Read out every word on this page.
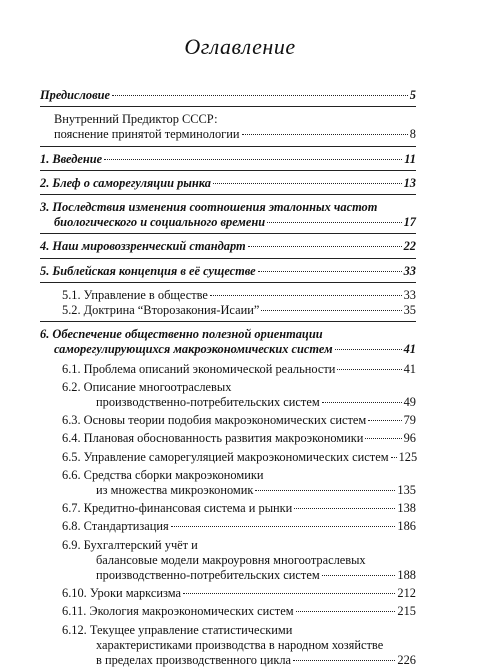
Оглавление
Предисловие	5
Внутренний Предиктор СССР:
пояснение принятой терминологии	8
1. Введение	11
2. Блеф о саморегуляции рынка	13
3. Последствия изменения соотношения эталонных частот
биологического и социального времени	17
4. Наш мировоззренческий стандарт	22
5. Библейская концепция в её существе	33
5.1. Управление в обществе	33
5.2. Доктрина “Второзакония-Исаии”	35
6. Обеспечение общественно полезной ориентации
саморегулирующихся макроэкономических систем	41
6.1. Проблема описаний экономической реальности	41
6.2. Описание многоотраслевых
производственно-потребительских систем	49
6.3. Основы теории подобия макроэкономических систем	79
6.4. Плановая обоснованность развития макроэкономики	96
6.5. Управление саморегуляцией макроэкономических систем 125
6.6. Средства сборки макроэкономики
из множества микроэкономик	135
6.7. Кредитно-финансовая система и рынки	138
6.8. Стандартизация	186
6.9. Бухгалтерский учёт и
балансовые модели макроуровня многоотраслевых
производственно-потребительских систем	188
6.10. Уроки марксизма	212
6.11. Экология макроэкономических систем	215
6.12. Текущее управление статистическими
характеристиками производства в народном хозяйстве
в пределах производственного цикла	226
